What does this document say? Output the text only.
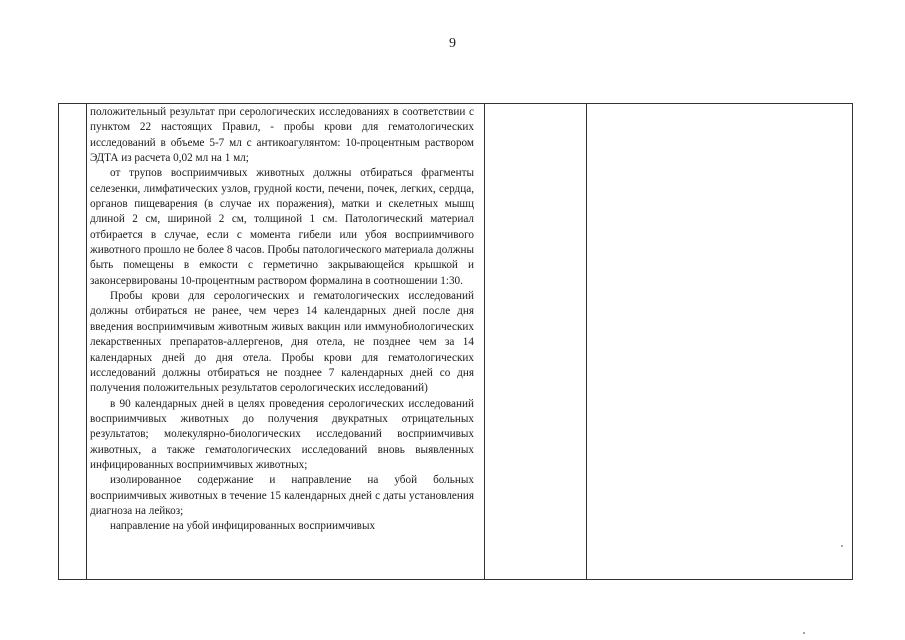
9

положительный результат при серологических исследованиях в соответствии с пунктом 22 настоящих Правил, - пробы крови для гематологических исследований в объеме 5-7 мл с антикоагулянтом: 10-процентным раствором ЭДТА из расчета 0,02 мл на 1 мл;

от трупов восприимчивых животных должны отбираться фрагменты селезенки, лимфатических узлов, грудной кости, печени, почек, легких, сердца, органов пищеварения (в случае их поражения), матки и скелетных мышц длиной 2 см, шириной 2 см, толщиной 1 см. Патологический материал отбирается в случае, если с момента гибели или убоя восприимчивого животного прошло не более 8 часов. Пробы патологического материала должны быть помещены в емкости с герметично закрывающейся крышкой и законсервированы 10-процентным раствором формалина в соотношении 1:30.

Пробы крови для серологических и гематологических исследований должны отбираться не ранее, чем через 14 календарных дней после дня введения восприимчивым животным живых вакцин или иммунобиологических лекарственных препаратов-аллергенов, дня отела, не позднее чем за 14 календарных дней до дня отела. Пробы крови для гематологических исследований должны отбираться не позднее 7 календарных дней со дня получения положительных результатов серологических исследований)

в 90 календарных дней в целях проведения серологических исследований восприимчивых животных до получения двукратных отрицательных результатов; молекулярно-биологических исследований восприимчивых животных, а также гематологических исследований вновь выявленных инфицированных восприимчивых животных;

изолированное содержание и направление на убой больных восприимчивых животных в течение 15 календарных дней с даты установления диагноза на лейкоз;

направление на убой инфицированных восприимчивых
